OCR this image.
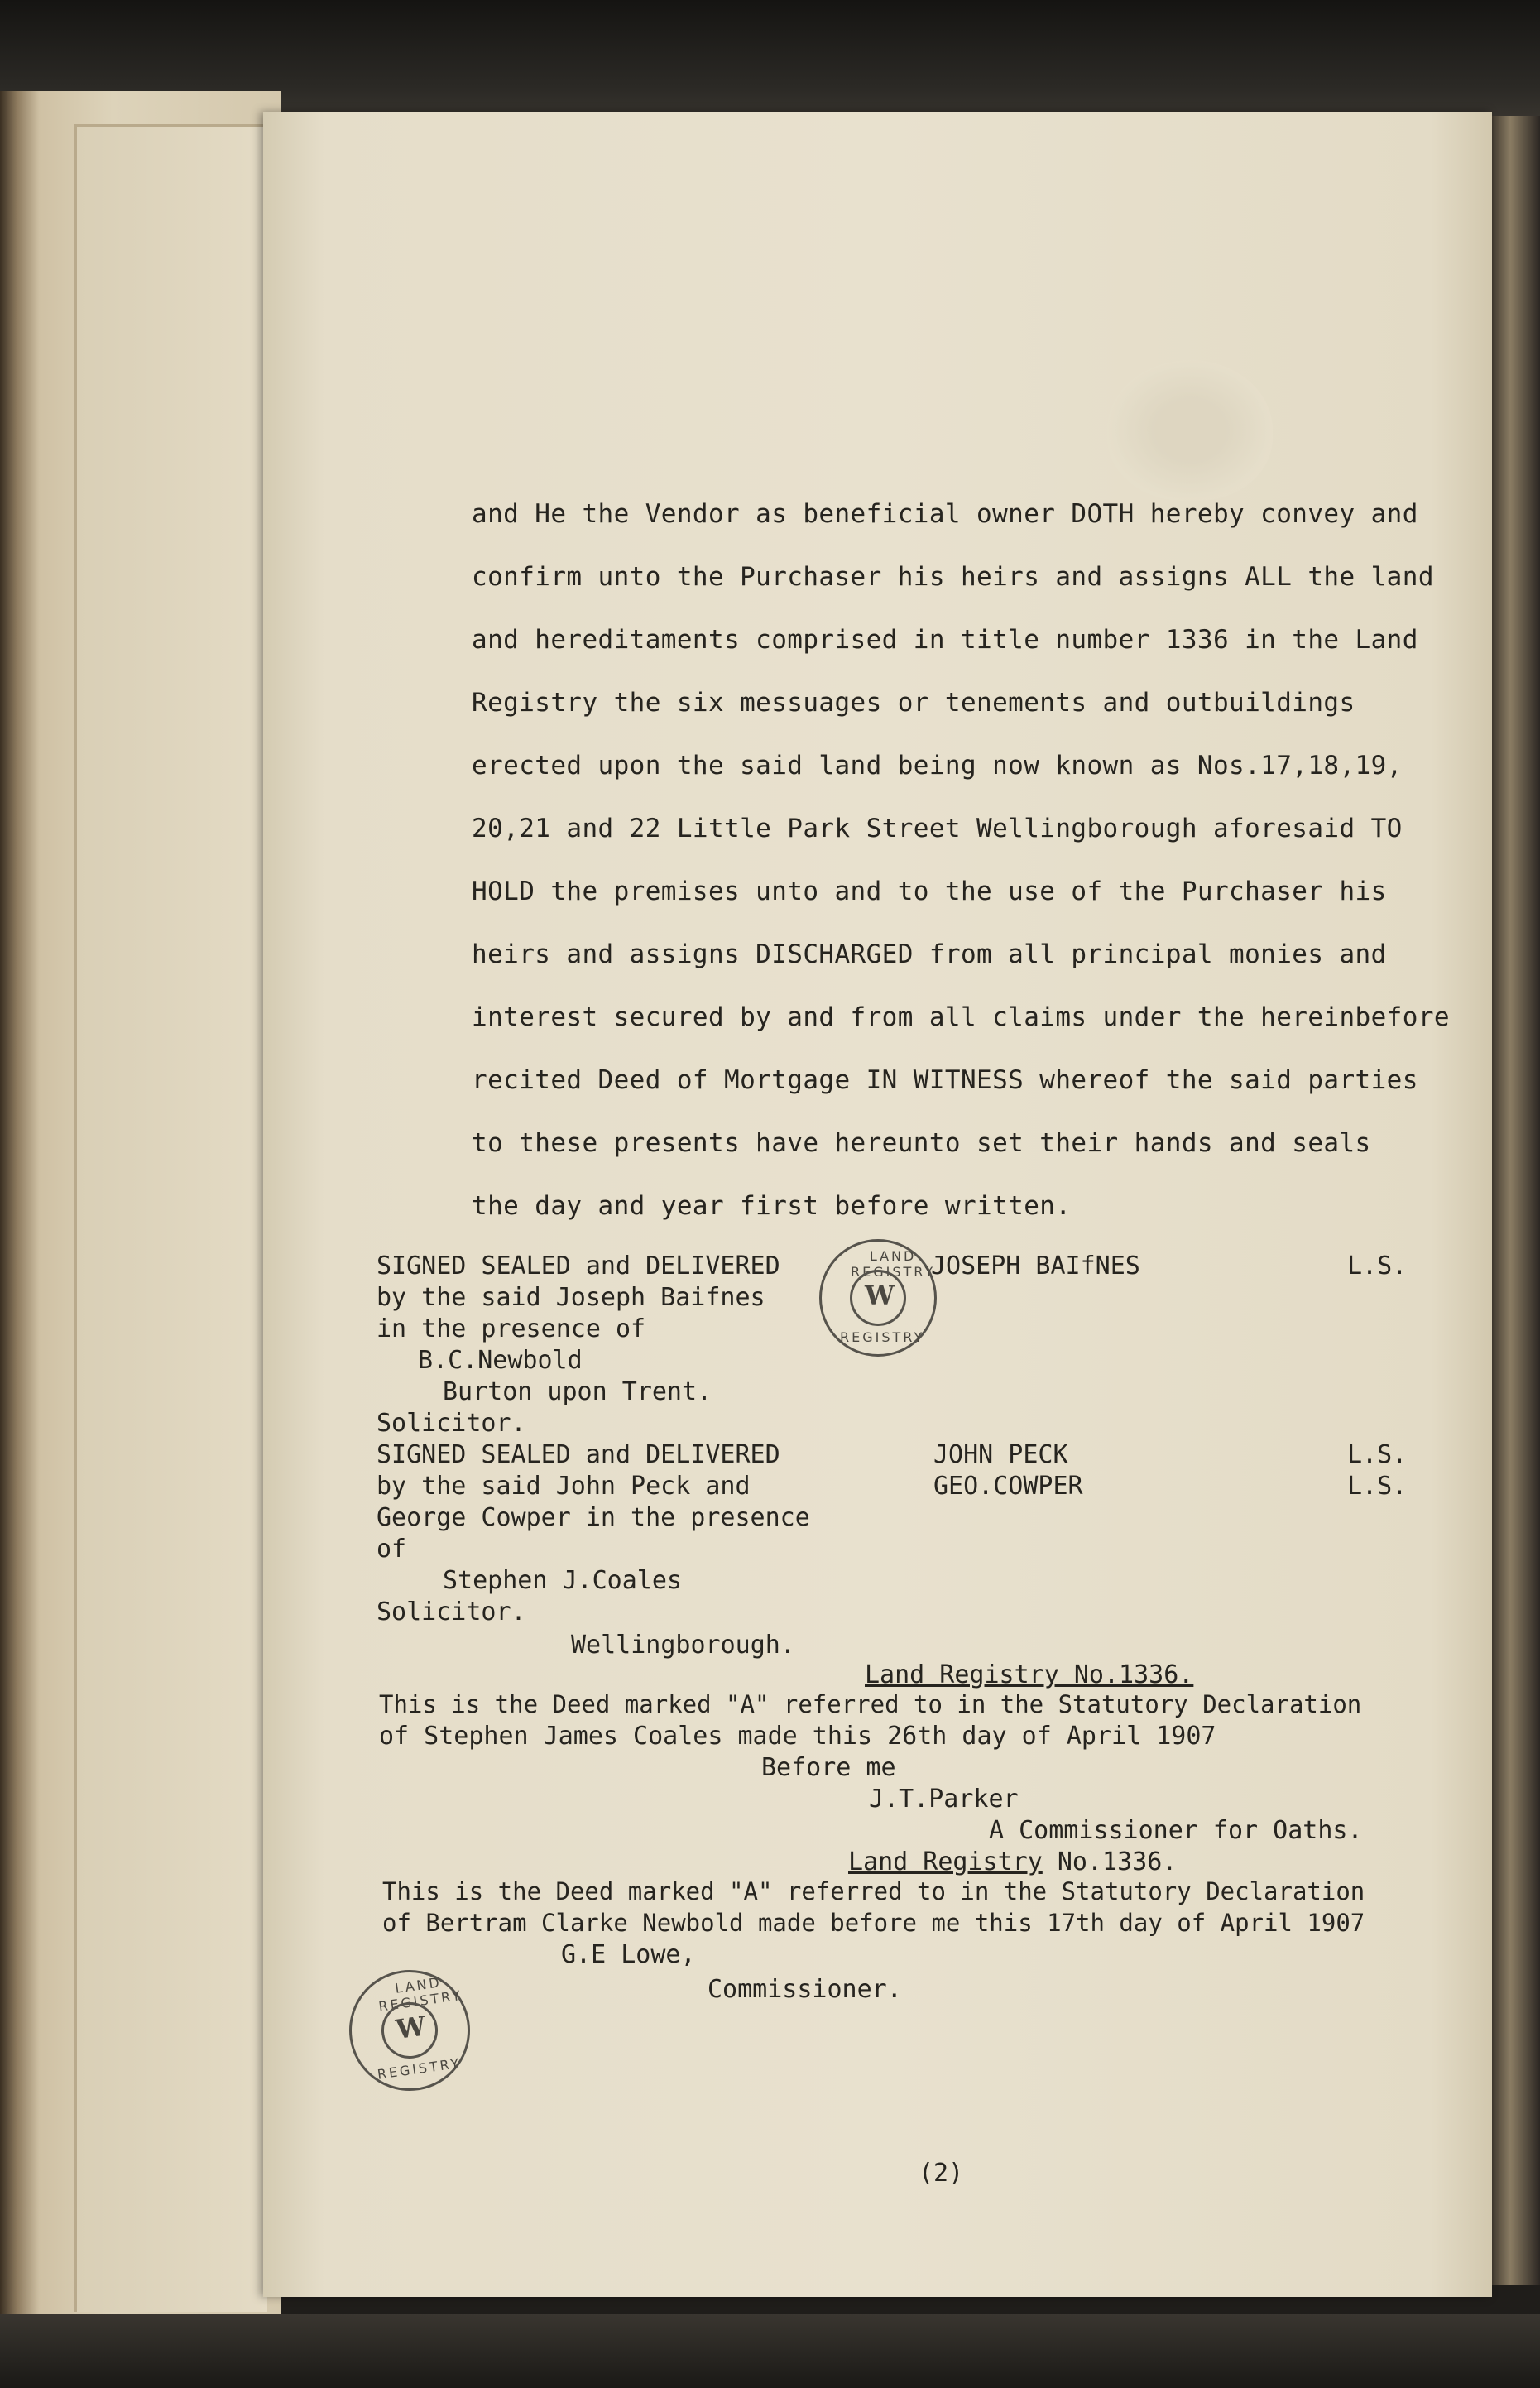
and He the Vendor as beneficial owner DOTH hereby convey and
confirm unto the Purchaser his heirs and assigns ALL the land
and hereditaments comprised in title number 1336 in the Land
Registry the six messuages or tenements and outbuildings
erected upon the said land being now known as Nos.17,18,19,
20,21 and 22 Little Park Street Wellingborough aforesaid TO
HOLD the premises unto and to the use of the Purchaser his
heirs and assigns DISCHARGED from all principal monies and
interest secured by and from all claims under the hereinbefore
recited Deed of Mortgage IN WITNESS whereof the said parties
to these presents have hereunto set their hands and seals
the day and year first before written.
SIGNED SEALED and DELIVERED
by the said Joseph Baifnes
in the presence of
B.C.Newbold
Burton upon Trent.
Solicitor.
JOSEPH BAIfNES	L.S.
LAND REGISTRY
W
REGISTRY
SIGNED SEALED and DELIVERED
by the said John Peck and
George Cowper in the presence
of
Stephen J.Coales
Solicitor.
Wellingborough.
JOHN PECK
GEO.COWPER
L.S.
L.S.
Land Registry No.1336.
This is the Deed marked "A" referred to in the Statutory Declaration
of Stephen James Coales made this 26th day of April 1907
Before me
J.T.Parker
A Commissioner for Oaths.
Land Registry No.1336.
This is the Deed marked "A" referred to in the Statutory Declaration
of Bertram Clarke Newbold made before me this 17th day of April 1907
G.E Lowe,
Commissioner.
LAND REGISTRY
W
REGISTRY
(2)
